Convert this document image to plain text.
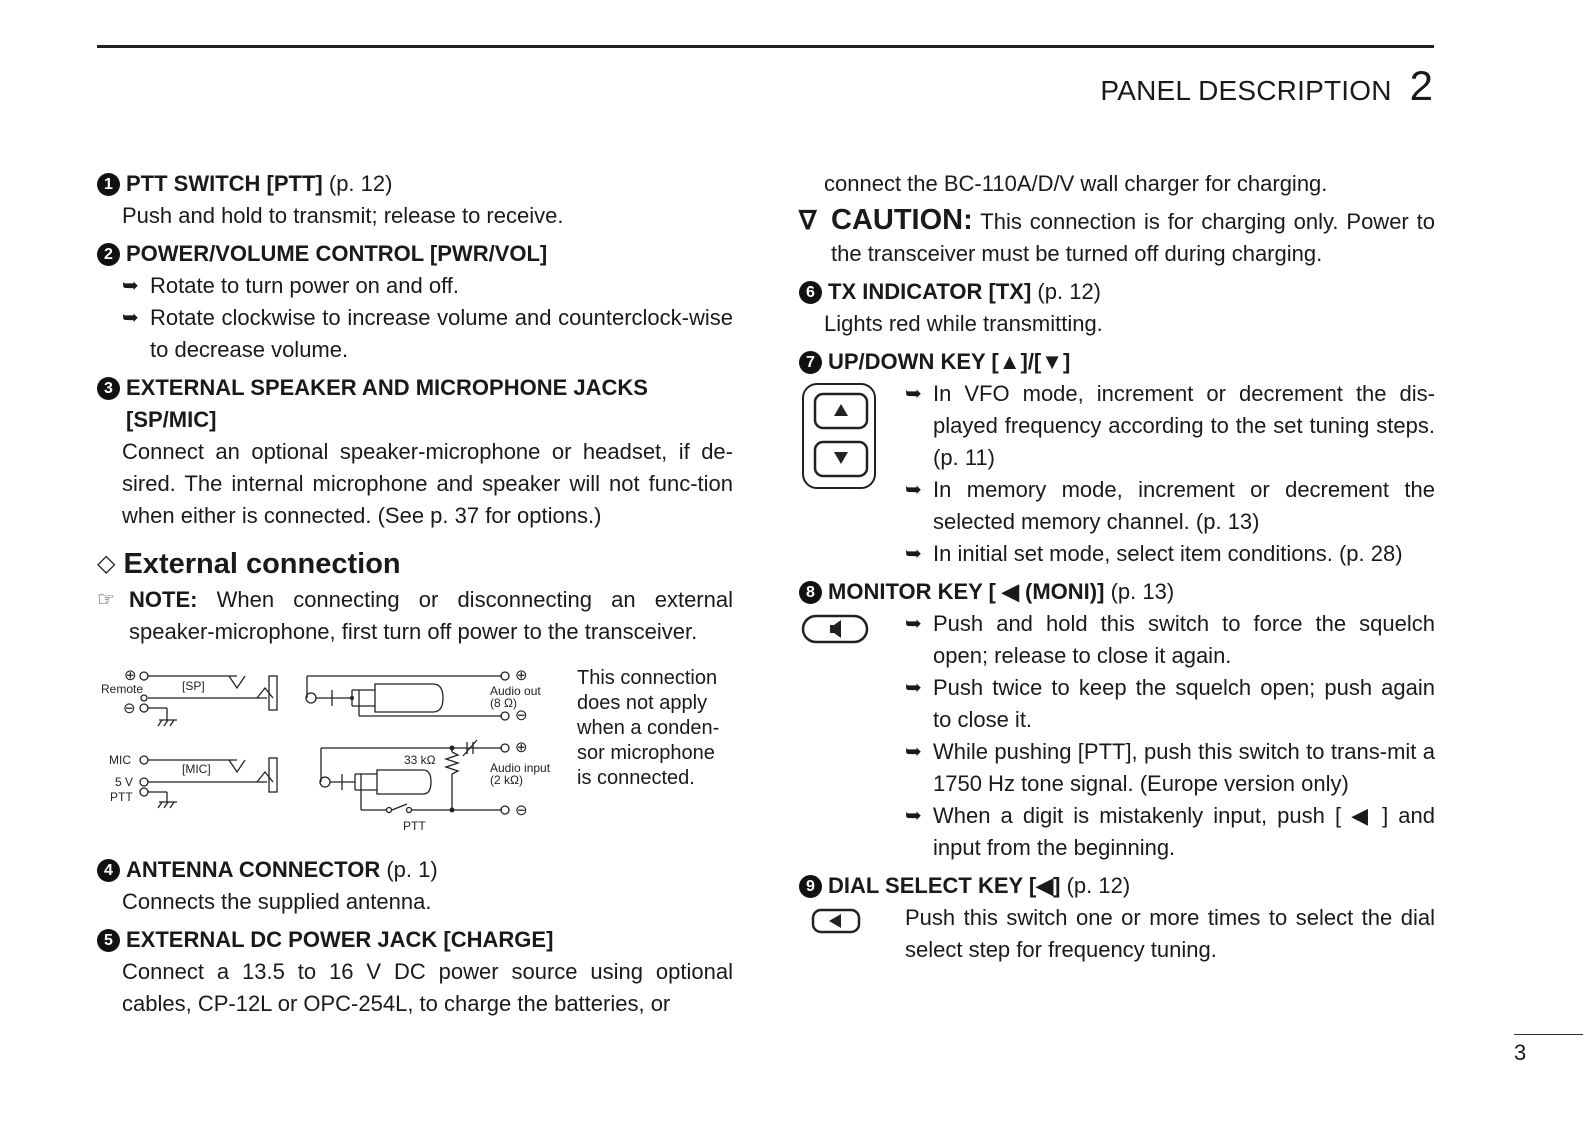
PANEL DESCRIPTION 2
1 PTT SWITCH [PTT]
(p. 12)
Push and hold to transmit; release to receive.
2 POWER/VOLUME CONTROL [PWR/VOL]
➥ Rotate to turn power on and off.
➥ Rotate clockwise to increase volume and counterclock-wise to decrease volume.
3 EXTERNAL SPEAKER AND MICROPHONE JACKS [SP/MIC]
Connect an optional speaker-microphone or headset, if de-sired. The internal microphone and speaker will not func-tion when either is connected. (See p. 37 for options.)
◇ External connection
☞ NOTE: When connecting or disconnecting an external speaker-microphone, first turn off power to the transceiver.
⊕
⊖
⊕
⊖
⊕
⊖
Remote	[SP]	Audio out
(8 Ω)
MIC
[MIC]
5 V
PTT
33 kΩ
Audio input
(2 kΩ)
PTT
This connection does not apply when a conden-sor microphone is connected.
4 ANTENNA CONNECTOR
(p. 1)
Connects the supplied antenna.
5 EXTERNAL DC POWER JACK [CHARGE]
Connect a 13.5 to 16 V DC power source using optional cables, CP-12L or OPC-254L, to charge the batteries, or
connect the BC-110A/D/V wall charger for charging.
∇ CAUTION: This connection is for charging only. Power to the transceiver must be turned off during charging.
6 TX INDICATOR [TX]
(p. 12)
Lights red while transmitting.
7 UP/DOWN KEY [▲]/[▼]
➥ In VFO mode, increment or decrement the dis-played frequency according to the set tuning steps. (p. 11)
➥ In memory mode, increment or decrement the selected memory channel. (p. 13)
➥ In initial set mode, select item conditions. (p. 28)
8 MONITOR KEY [ ◀ (MONI)]
(p. 13)
➥ Push and hold this switch to force the squelch open; release to close it again.
➥ Push twice to keep the squelch open; push again to close it.
➥ While pushing [PTT], push this switch to trans-mit a 1750 Hz tone signal. (Europe version only)
➥ When a digit is mistakenly input, push [ ◀ ] and input from the beginning.
9 DIAL SELECT KEY [◀]
(p. 12)
Push this switch one or more times to select the dial select step for frequency tuning.
3
